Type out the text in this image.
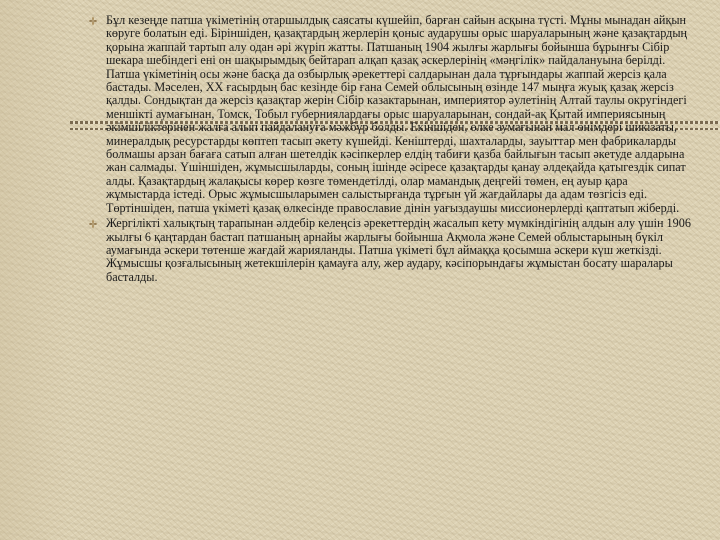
Бұл кезеңде патша үкіметінің отаршылдық саясаты күшейіп, барған сайын асқына түсті. Мұны мынадан айқын көруге болатын еді. Біріншіден, қазақтардың жерлерін қоныс аударушы орыс шаруаларының және қазақтардың қорына жаппай тартып алу одан әрі жүріп жатты. Патшаның 1904 жылғы жарлығы бойынша бұрынғы Сібір шекара шебіндегі ені он шақырымдық бейтарап алқап қазақ әскерлерінің «мәңгілік» пайдалануына берілді. Патша үкіметінің осы және басқа да озбырлық әрекеттері салдарынан дала тұрғындары жаппай жерсіз қала бастады. Мәселен, XX ғасырдың бас кезінде бір ғана Семей облысының өзінде 147 мыңға жуық қазақ жерсіз қалды. Сондықтан да жерсіз қазақтар жерін Сібір казактарынан, империятор әулетінің Алтай таулы округіндегі меншікті аумағынан, Томск, Тобыл губерниялардағы орыс шаруаларынан, сондай-ақ Қытай империясының әкімшіліктерінен жалға алып пайдалануға мәжбүр болды. Екіншіден, өлке аумағынан мал өнімдері шикізаты, минералдық ресурстарды көптеп тасып әкету күшейді. Кеніштерді, шахталарды, зауыттар мен фабрикаларды болмашы арзан бағаға сатып алған шетелдік кәсіпкерлер елдің табиғи қазба байлығын тасып әкетуде алдарына жан салмады. Үшіншіден, жұмысшыларды, соның ішінде әсіресе қазақтарды қанау әлдеқайда қатыгездік сипат алды. Қазақтардың жалақысы көрер көзге төмендетілді, олар мамандық деңгейі төмен, ең ауыр қара жұмыстарда істеді. Орыс жұмысшыларымен салыстырғанда тұрғын үй жағдайлары да адам төзгісіз еді. Төртіншіден, патша үкіметі қазақ өлкесінде православие дінін уағыздаушы миссионерлерді қаптатып жіберді.
Жергілікті халықтың тарапынан әлдебір келеңсіз әрекеттердің жасалып кету мүмкіндігінің алдын алу үшін 1906 жылғы 6 қаңтардан бастап патшаның арнайы жарлығы бойынша Ақмола және Семей облыстарының бүкіл аумағында әскери төтенше жағдай жарияланды. Патша үкіметі бұл аймаққа қосымша әскери күш жеткізді. Жұмысшы қозғалысының жетекшілерін қамауға алу, жер аудару, кәсіпорындағы жұмыстан босату шаралары басталды.
